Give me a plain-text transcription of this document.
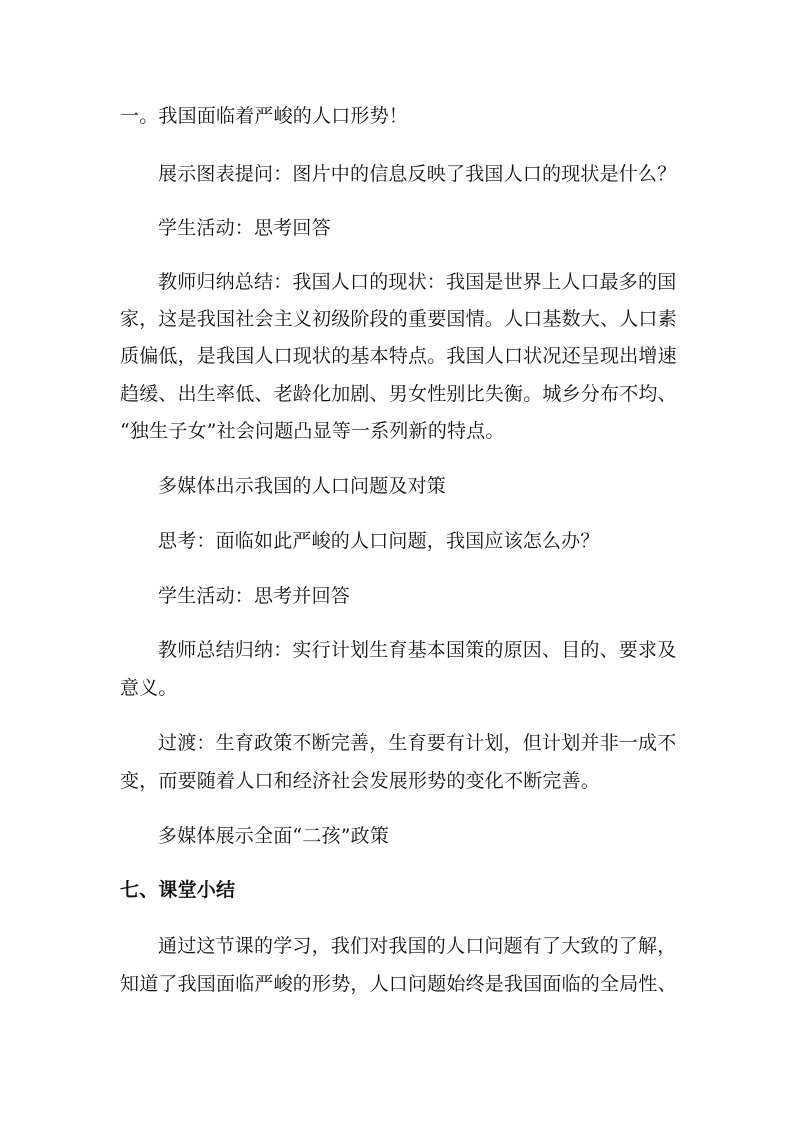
一。我国面临着严峻的人口形势！

展示图表提问：图片中的信息反映了我国人口的现状是什么？

学生活动：思考回答

教师归纳总结：我国人口的现状：我国是世界上人口最多的国

家，这是我国社会主义初级阶段的重要国情。人口基数大、人口素

质偏低，是我国人口现状的基本特点。我国人口状况还呈现出增速

趋缓、出生率低、老龄化加剧、男女性别比失衡。城乡分布不均、

“独生子女”社会问题凸显等一系列新的特点。

多媒体出示我国的人口问题及对策

思考：面临如此严峻的人口问题，我国应该怎么办？

学生活动：思考并回答

教师总结归纳：实行计划生育基本国策的原因、目的、要求及

意义。

过渡：生育政策不断完善，生育要有计划，但计划并非一成不

变，而要随着人口和经济社会发展形势的变化不断完善。

多媒体展示全面“二孩”政策

七、课堂小结

通过这节课的学习，我们对我国的人口问题有了大致的了解，

知道了我国面临严峻的形势，人口问题始终是我国面临的全局性、
